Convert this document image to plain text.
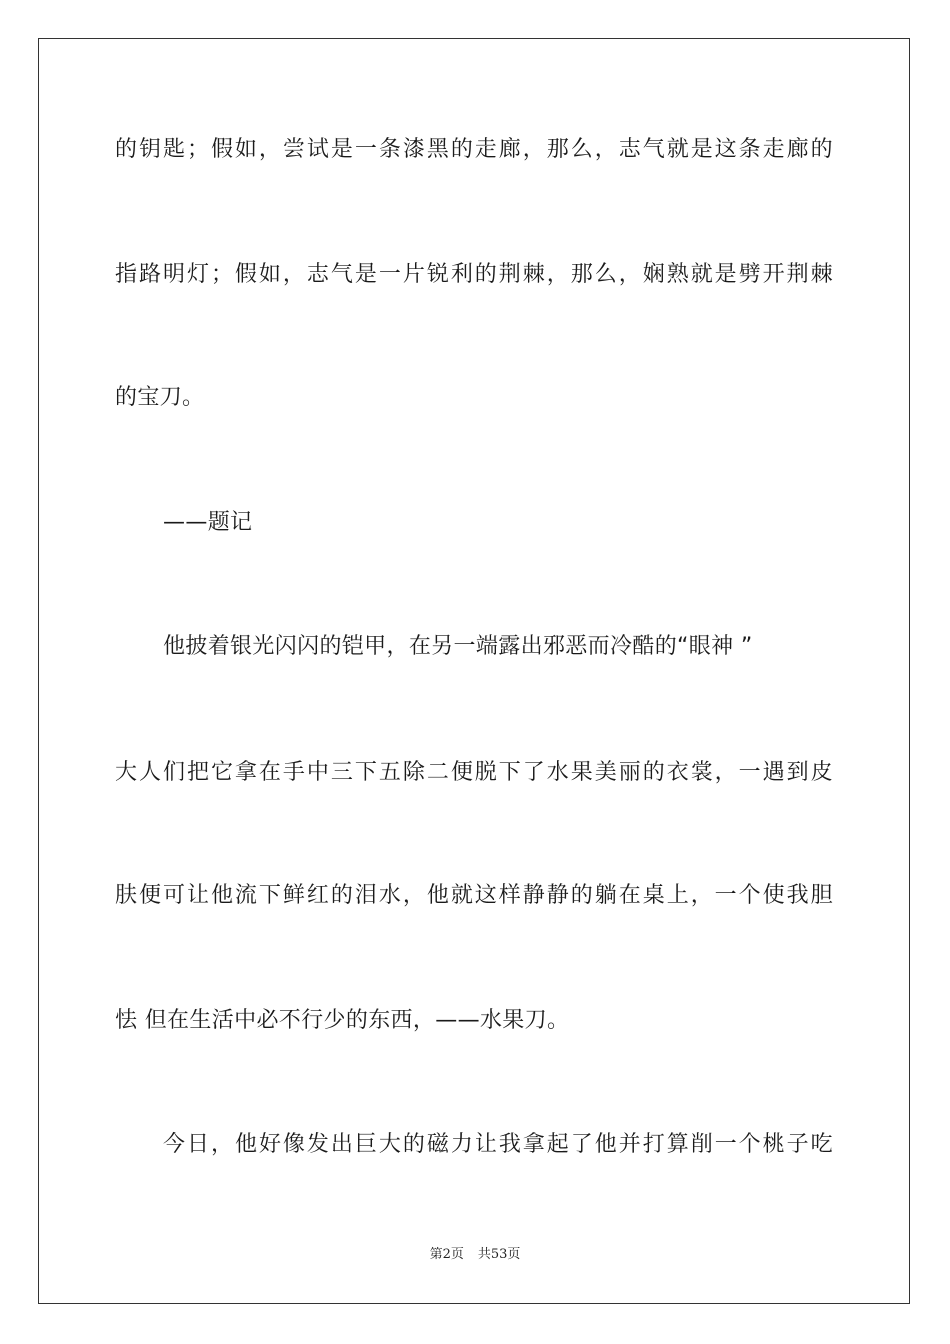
的钥匙；假如，尝试是一条漆黑的走廊，那么，志气就是这条走廊的
指路明灯；假如，志气是一片锐利的荆棘，那么，娴熟就是劈开荆棘
的宝刀。
——题记
他披着银光闪闪的铠甲，在另一端露出邪恶而冷酷的“眼神 ”
大人们把它拿在手中三下五除二便脱下了水果美丽的衣裳，一遇到皮
肤便可让他流下鲜红的泪水，他就这样静静的躺在桌上，一个使我胆
怯 但在生活中必不行少的东西，——水果刀。
今日，他好像发出巨大的磁力让我拿起了他并打算削一个桃子吃
第2页 共53页
